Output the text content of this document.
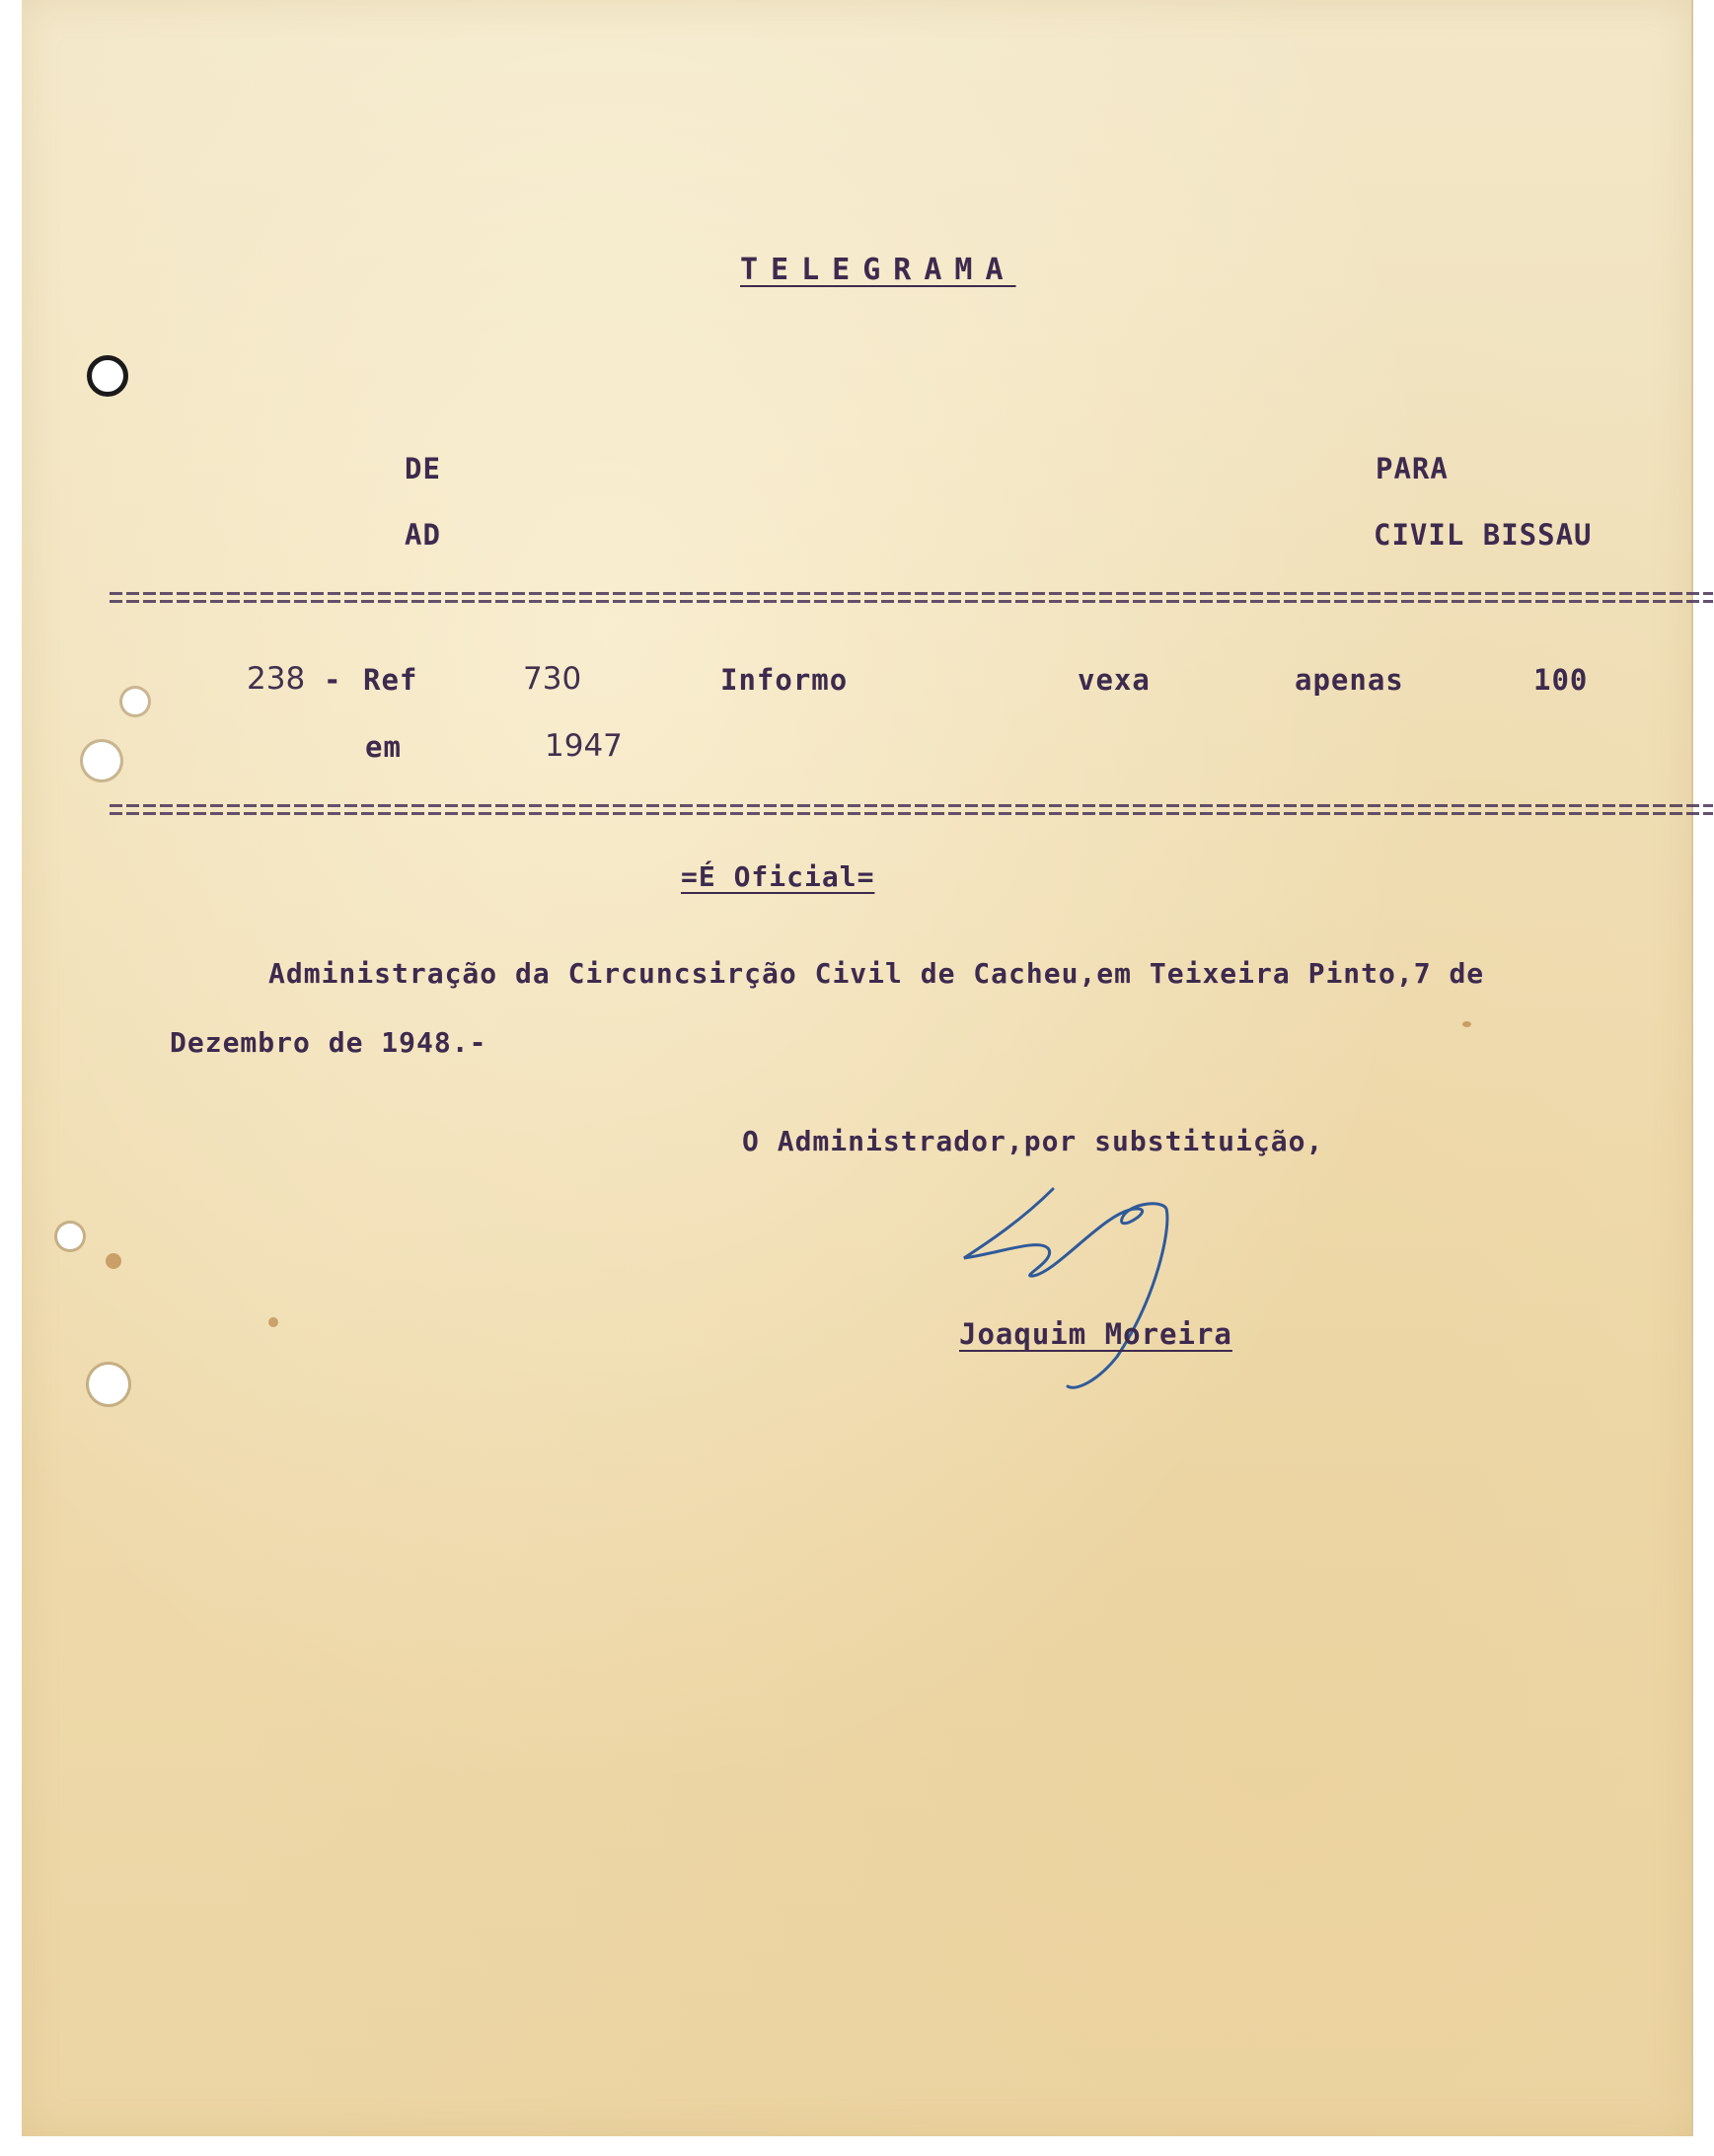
TELEGRAMA
DE	PARA
AD	CIVIL BISSAU
238 - Ref	730	Informo	vexa	apenas	100
em	1947
=É Oficial=
Administração da Circuncsirção Civil de Cacheu,em Teixeira Pinto,7 de
Dezembro de 1948.-
O Administrador,por substituição,
Joaquim Moreira
